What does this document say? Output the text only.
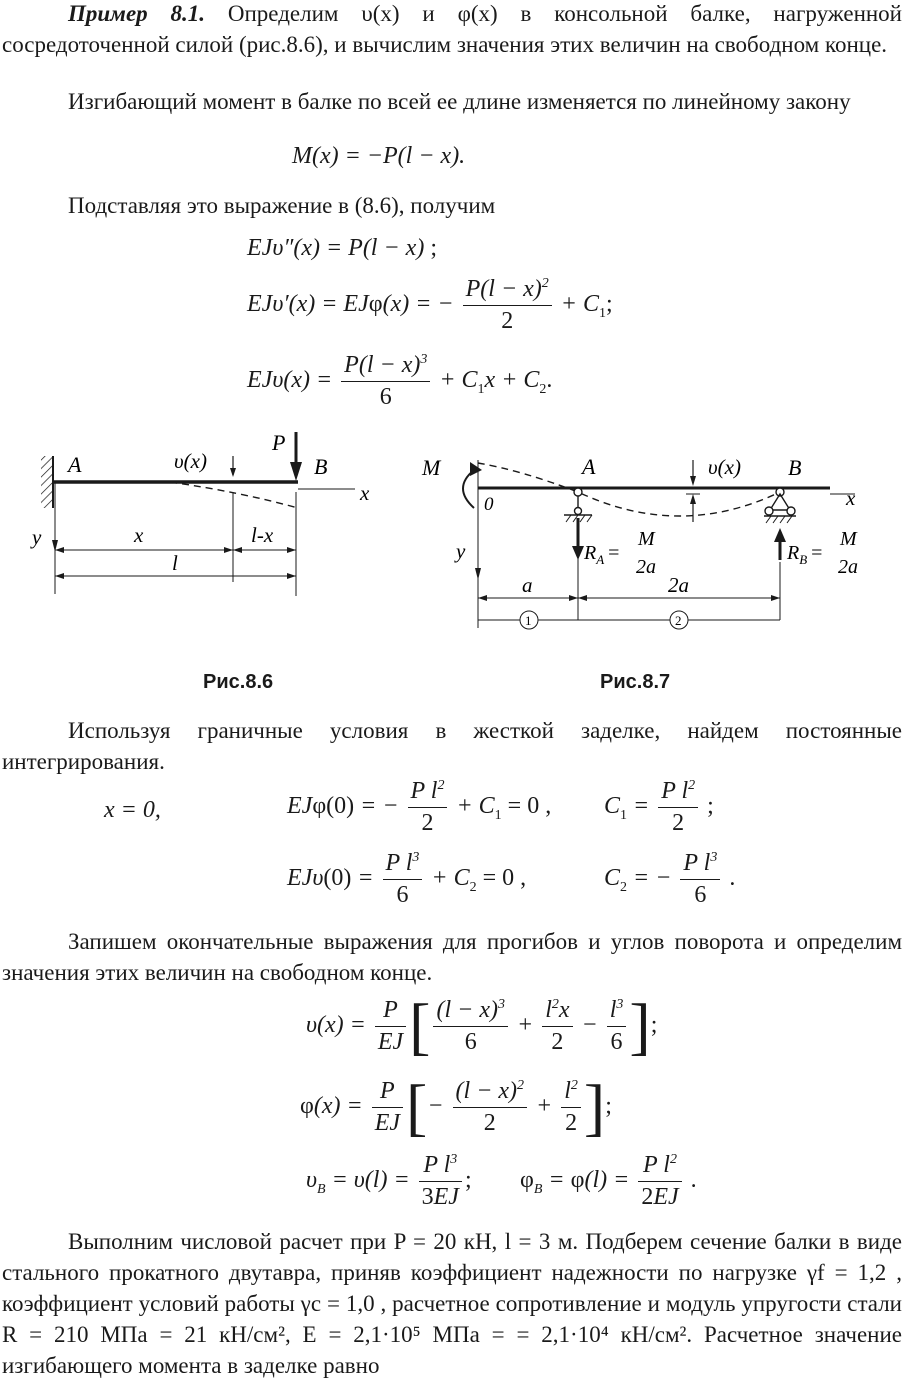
Пример 8.1. Определим υ(x) и φ(x) в консольной балке, нагруженной сосредоточенной силой (рис.8.6), и вычислим значения этих величин на свободном конце.
Изгибающий момент в балке по всей ее длине изменяется по линейному закону
M(x) = −P(l − x).
Подставляя это выражение в (8.6), получим
EJυ″(x) = P(l − x) ;
EJυ′(x) = EJφ(x) = − $\frac{P(l - x)^2}{2} + C_1$;
$EJ\upsilon(x) = \frac{P(l - x)^3}{6} + C_1x + C_2$.
A	B
P
υ(x)
x
y	x	l-x
l
Рис.8.6
M	A	B
0
υ(x)
x
y	$R_A$ =
M
2a
$R_B$ =
M
2a
a	2a
1	2
Рис.8.7
Используя граничные условия в жесткой заделке, найдем постоянные интегрирования.
x = 0,	EJφ(0) = − $\frac{P l^2}{2} + C_1 = 0$ , $C_1 = \frac{P l^2}{2}$ ;
$EJ\upsilon(0) = \frac{P l^3}{6} + C_2 = 0$ ,	$C_2$ = − $\frac{P l^3}{6}$ .
Запишем окончательные выражения для прогибов и углов поворота и определим значения этих величин на свободном конце.
$\upsilon(x) = \frac{P}{EJ}$ [ $\frac{(l - x)^3}{6} + \frac{l^2x}{2} - \frac{l^3}{6}$ ];
$\varphi(x) = \frac{P}{EJ}$ [− $\frac{(l - x)^2}{2} + \frac{l^2}{2}$ ];
$\upsilon_B = \upsilon(l) = \frac{P l^3}{3EJ}$ ; $\varphi_B = \varphi(l) = \frac{P l^2}{2EJ}$ .
Выполним числовой расчет при P = 20 кН, l = 3 м. Подберем сечение балки в виде стального прокатного двутавра, приняв коэффициент надежности по нагрузке γf = 1,2 , коэффициент условий работы γc = 1,0 , расчетное сопротивление и модуль упругости стали R = 210 МПа = 21 кН/см², E = 2,1·10⁵ МПа = = 2,1·10⁴ кН/см². Расчетное значение изгибающего момента в заделке равно
